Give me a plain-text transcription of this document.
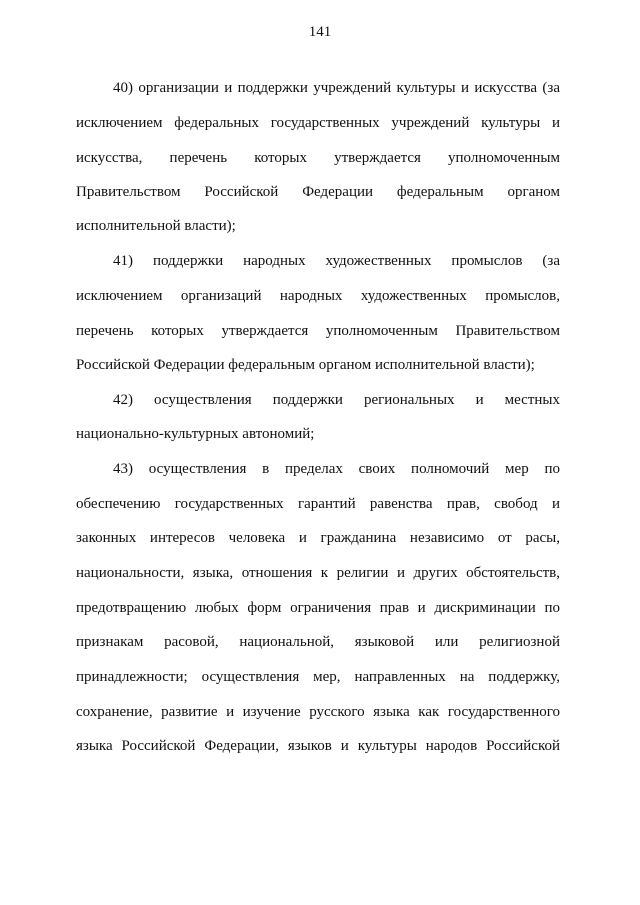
141
40) организации и поддержки учреждений культуры и искусства (за
исключением федеральных государственных учреждений культуры и
искусства, перечень которых утверждается уполномоченным
Правительством Российской Федерации федеральным органом
исполнительной власти);
41) поддержки народных художественных промыслов (за
исключением организаций народных художественных промыслов,
перечень которых утверждается уполномоченным Правительством
Российской Федерации федеральным органом исполнительной власти);
42) осуществления поддержки региональных и местных
национально-культурных автономий;
43) осуществления в пределах своих полномочий мер по
обеспечению государственных гарантий равенства прав, свобод и
законных интересов человека и гражданина независимо от расы,
национальности, языка, отношения к религии и других обстоятельств,
предотвращению любых форм ограничения прав и дискриминации по
признакам расовой, национальной, языковой или религиозной
принадлежности; осуществления мер, направленных на поддержку,
сохранение, развитие и изучение русского языка как государственного
языка Российской Федерации, языков и культуры народов Российской
